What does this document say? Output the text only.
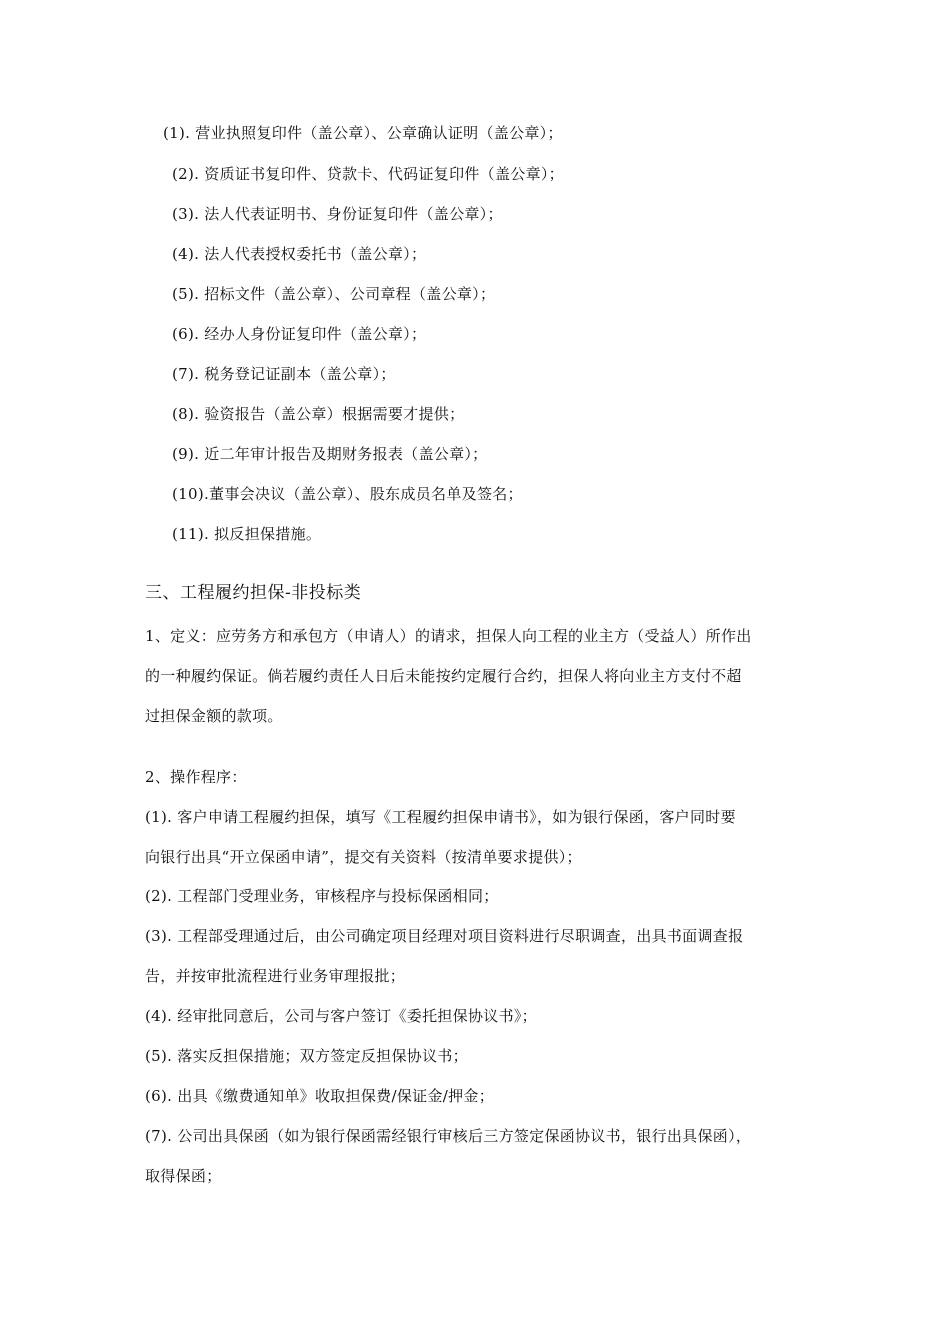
(1). 营业执照复印件（盖公章）、公章确认证明（盖公章）；
(2). 资质证书复印件、贷款卡、代码证复印件（盖公章）；
(3). 法人代表证明书、身份证复印件（盖公章）；
(4). 法人代表授权委托书（盖公章）；
(5). 招标文件（盖公章）、公司章程（盖公章）；
(6). 经办人身份证复印件（盖公章）；
(7). 税务登记证副本（盖公章）；
(8). 验资报告（盖公章）根据需要才提供；
(9). 近二年审计报告及期财务报表（盖公章）；
(10).董事会决议（盖公章）、股东成员名单及签名；
(11). 拟反担保措施。
三、工程履约担保-非投标类
1、定义：应劳务方和承包方（申请人）的请求，担保人向工程的业主方（受益人）所作出
的一种履约保证。倘若履约责任人日后未能按约定履行合约，担保人将向业主方支付不超
过担保金额的款项。
2、操作程序：
(1). 客户申请工程履约担保，填写《工程履约担保申请书》，如为银行保函，客户同时要
向银行出具“开立保函申请”，提交有关资料（按清单要求提供）；
(2). 工程部门受理业务，审核程序与投标保函相同；
(3). 工程部受理通过后，由公司确定项目经理对项目资料进行尽职调查，出具书面调查报
告，并按审批流程进行业务审理报批；
(4). 经审批同意后，公司与客户签订《委托担保协议书》；
(5). 落实反担保措施；双方签定反担保协议书；
(6). 出具《缴费通知单》收取担保费/保证金/押金；
(7). 公司出具保函（如为银行保函需经银行审核后三方签定保函协议书，银行出具保函），
取得保函；
